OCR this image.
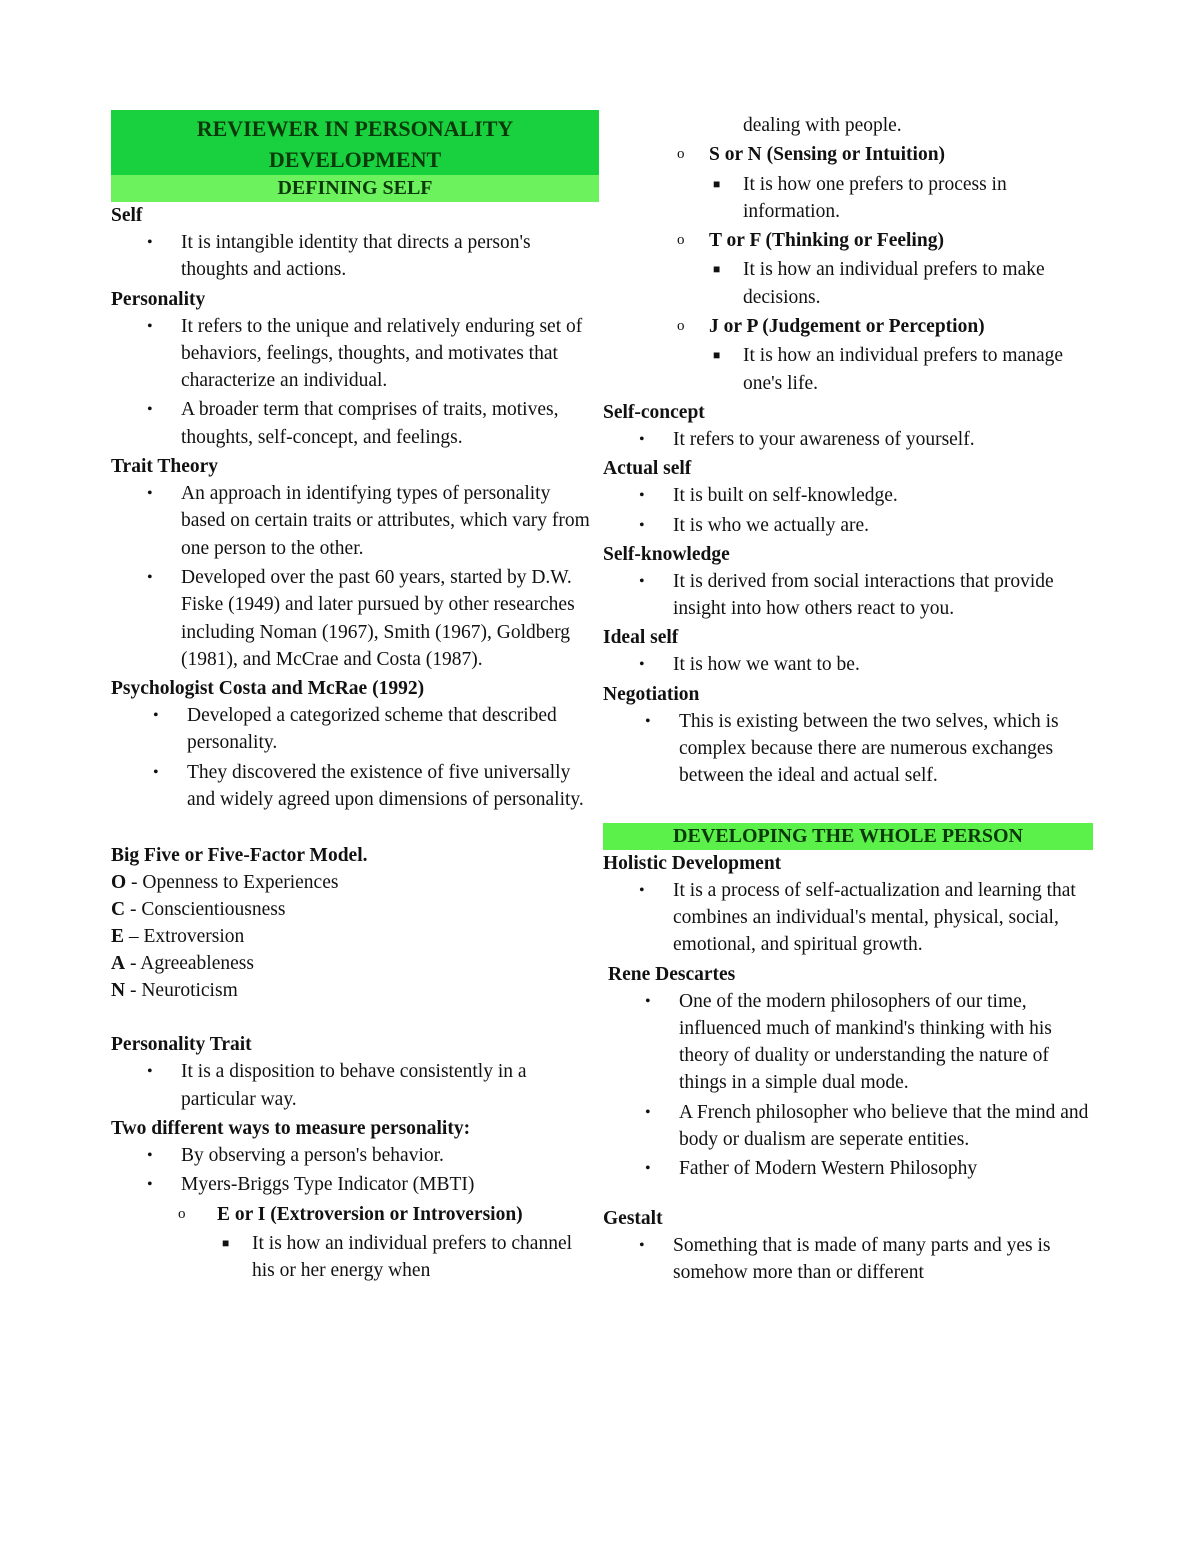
REVIEWER IN PERSONALITY DEVELOPMENT
DEFINING SELF
Self
• It is intangible identity that directs a person's thoughts and actions.
Personality
• It refers to the unique and relatively enduring set of behaviors, feelings, thoughts, and motivates that characterize an individual.
• A broader term that comprises of traits, motives, thoughts, self-concept, and feelings.
Trait Theory
• An approach in identifying types of personality based on certain traits or attributes, which vary from one person to the other.
• Developed over the past 60 years, started by D.W. Fiske (1949) and later pursued by other researches including Noman (1967), Smith (1967), Goldberg (1981), and McCrae and Costa (1987).
Psychologist Costa and McRae (1992)
• Developed a categorized scheme that described personality.
• They discovered the existence of five universally and widely agreed upon dimensions of personality.
Big Five or Five-Factor Model.
O - Openness to Experiences
C - Conscientiousness
E – Extroversion
A - Agreeableness
N - Neuroticism
Personality Trait
• It is a disposition to behave consistently in a particular way.
Two different ways to measure personality:
• By observing a person's behavior.
• Myers-Briggs Type Indicator (MBTI)
o E or I (Extroversion or Introversion)
■ It is how an individual prefers to channel his or her energy when
dealing with people.
o S or N (Sensing or Intuition)
■ It is how one prefers to process in information.
o T or F (Thinking or Feeling)
■ It is how an individual prefers to make decisions.
o J or P (Judgement or Perception)
■ It is how an individual prefers to manage one's life.
Self-concept
• It refers to your awareness of yourself.
Actual self
• It is built on self-knowledge.
• It is who we actually are.
Self-knowledge
• It is derived from social interactions that provide insight into how others react to you.
Ideal self
• It is how we want to be.
Negotiation
• This is existing between the two selves, which is complex because there are numerous exchanges between the ideal and actual self.
DEVELOPING THE WHOLE PERSON
Holistic Development
• It is a process of self-actualization and learning that combines an individual's mental, physical, social, emotional, and spiritual growth.
Rene Descartes
• One of the modern philosophers of our time, influenced much of mankind's thinking with his theory of duality or understanding the nature of things in a simple dual mode.
• A French philosopher who believe that the mind and body or dualism are seperate entities.
• Father of Modern Western Philosophy
Gestalt
• Something that is made of many parts and yes is somehow more than or different
